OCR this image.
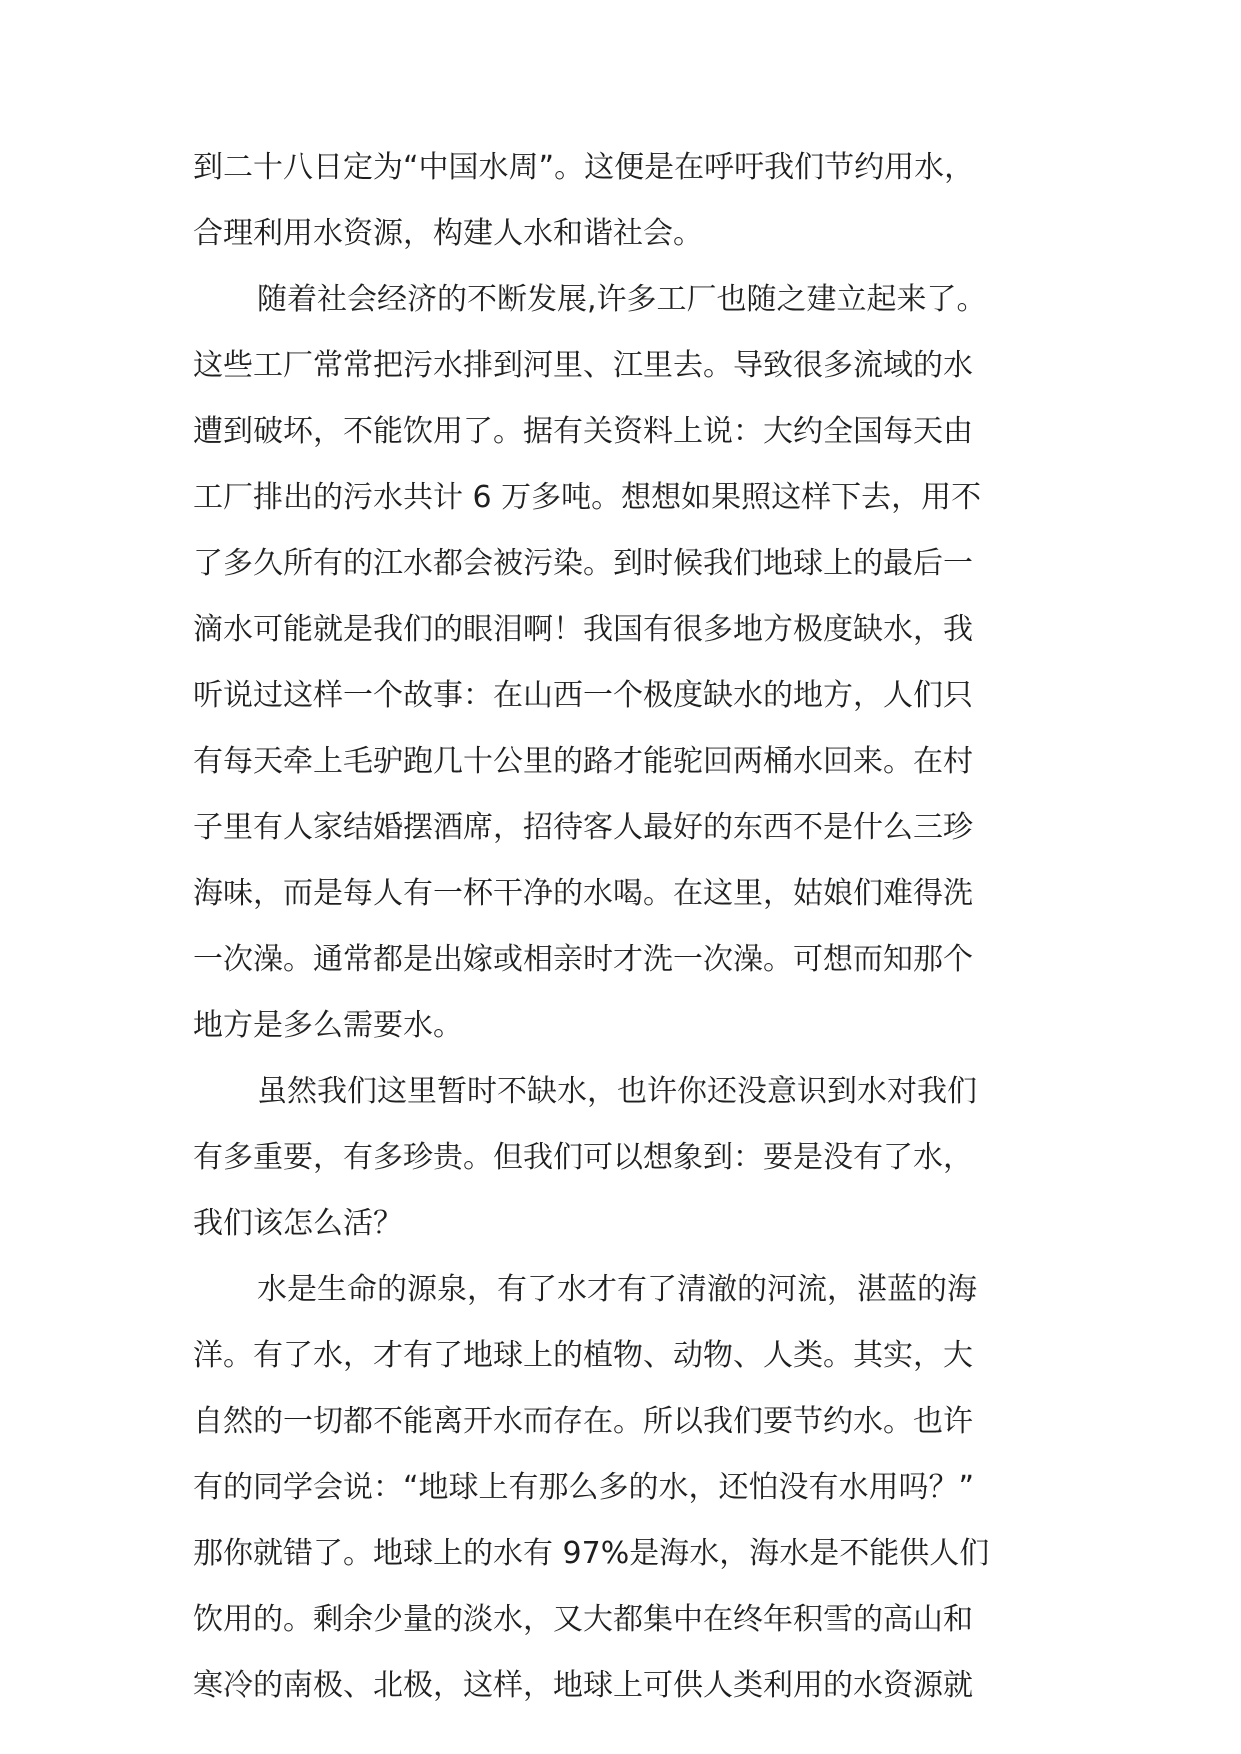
到二十八日定为“中国水周”。这便是在呼吁我们节约用水，
合理利用水资源，构建人水和谐社会。
随着社会经济的不断发展,许多工厂也随之建立起来了。
这些工厂常常把污水排到河里、江里去。导致很多流域的水
遭到破坏，不能饮用了。据有关资料上说：大约全国每天由
工厂排出的污水共计 6 万多吨。想想如果照这样下去，用不
了多久所有的江水都会被污染。到时候我们地球上的最后一
滴水可能就是我们的眼泪啊！我国有很多地方极度缺水，我
听说过这样一个故事：在山西一个极度缺水的地方，人们只
有每天牵上毛驴跑几十公里的路才能驼回两桶水回来。在村
子里有人家结婚摆酒席，招待客人最好的东西不是什么三珍
海味，而是每人有一杯干净的水喝。在这里，姑娘们难得洗
一次澡。通常都是出嫁或相亲时才洗一次澡。可想而知那个
地方是多么需要水。
虽然我们这里暂时不缺水，也许你还没意识到水对我们
有多重要，有多珍贵。但我们可以想象到：要是没有了水，
我们该怎么活？
水是生命的源泉，有了水才有了清澈的河流，湛蓝的海
洋。有了水，才有了地球上的植物、动物、人类。其实，大
自然的一切都不能离开水而存在。所以我们要节约水。也许
有的同学会说：“地球上有那么多的水，还怕没有水用吗？”
那你就错了。地球上的水有 97%是海水，海水是不能供人们
饮用的。剩余少量的淡水，又大都集中在终年积雪的高山和
寒冷的南极、北极，这样，地球上可供人类利用的水资源就
